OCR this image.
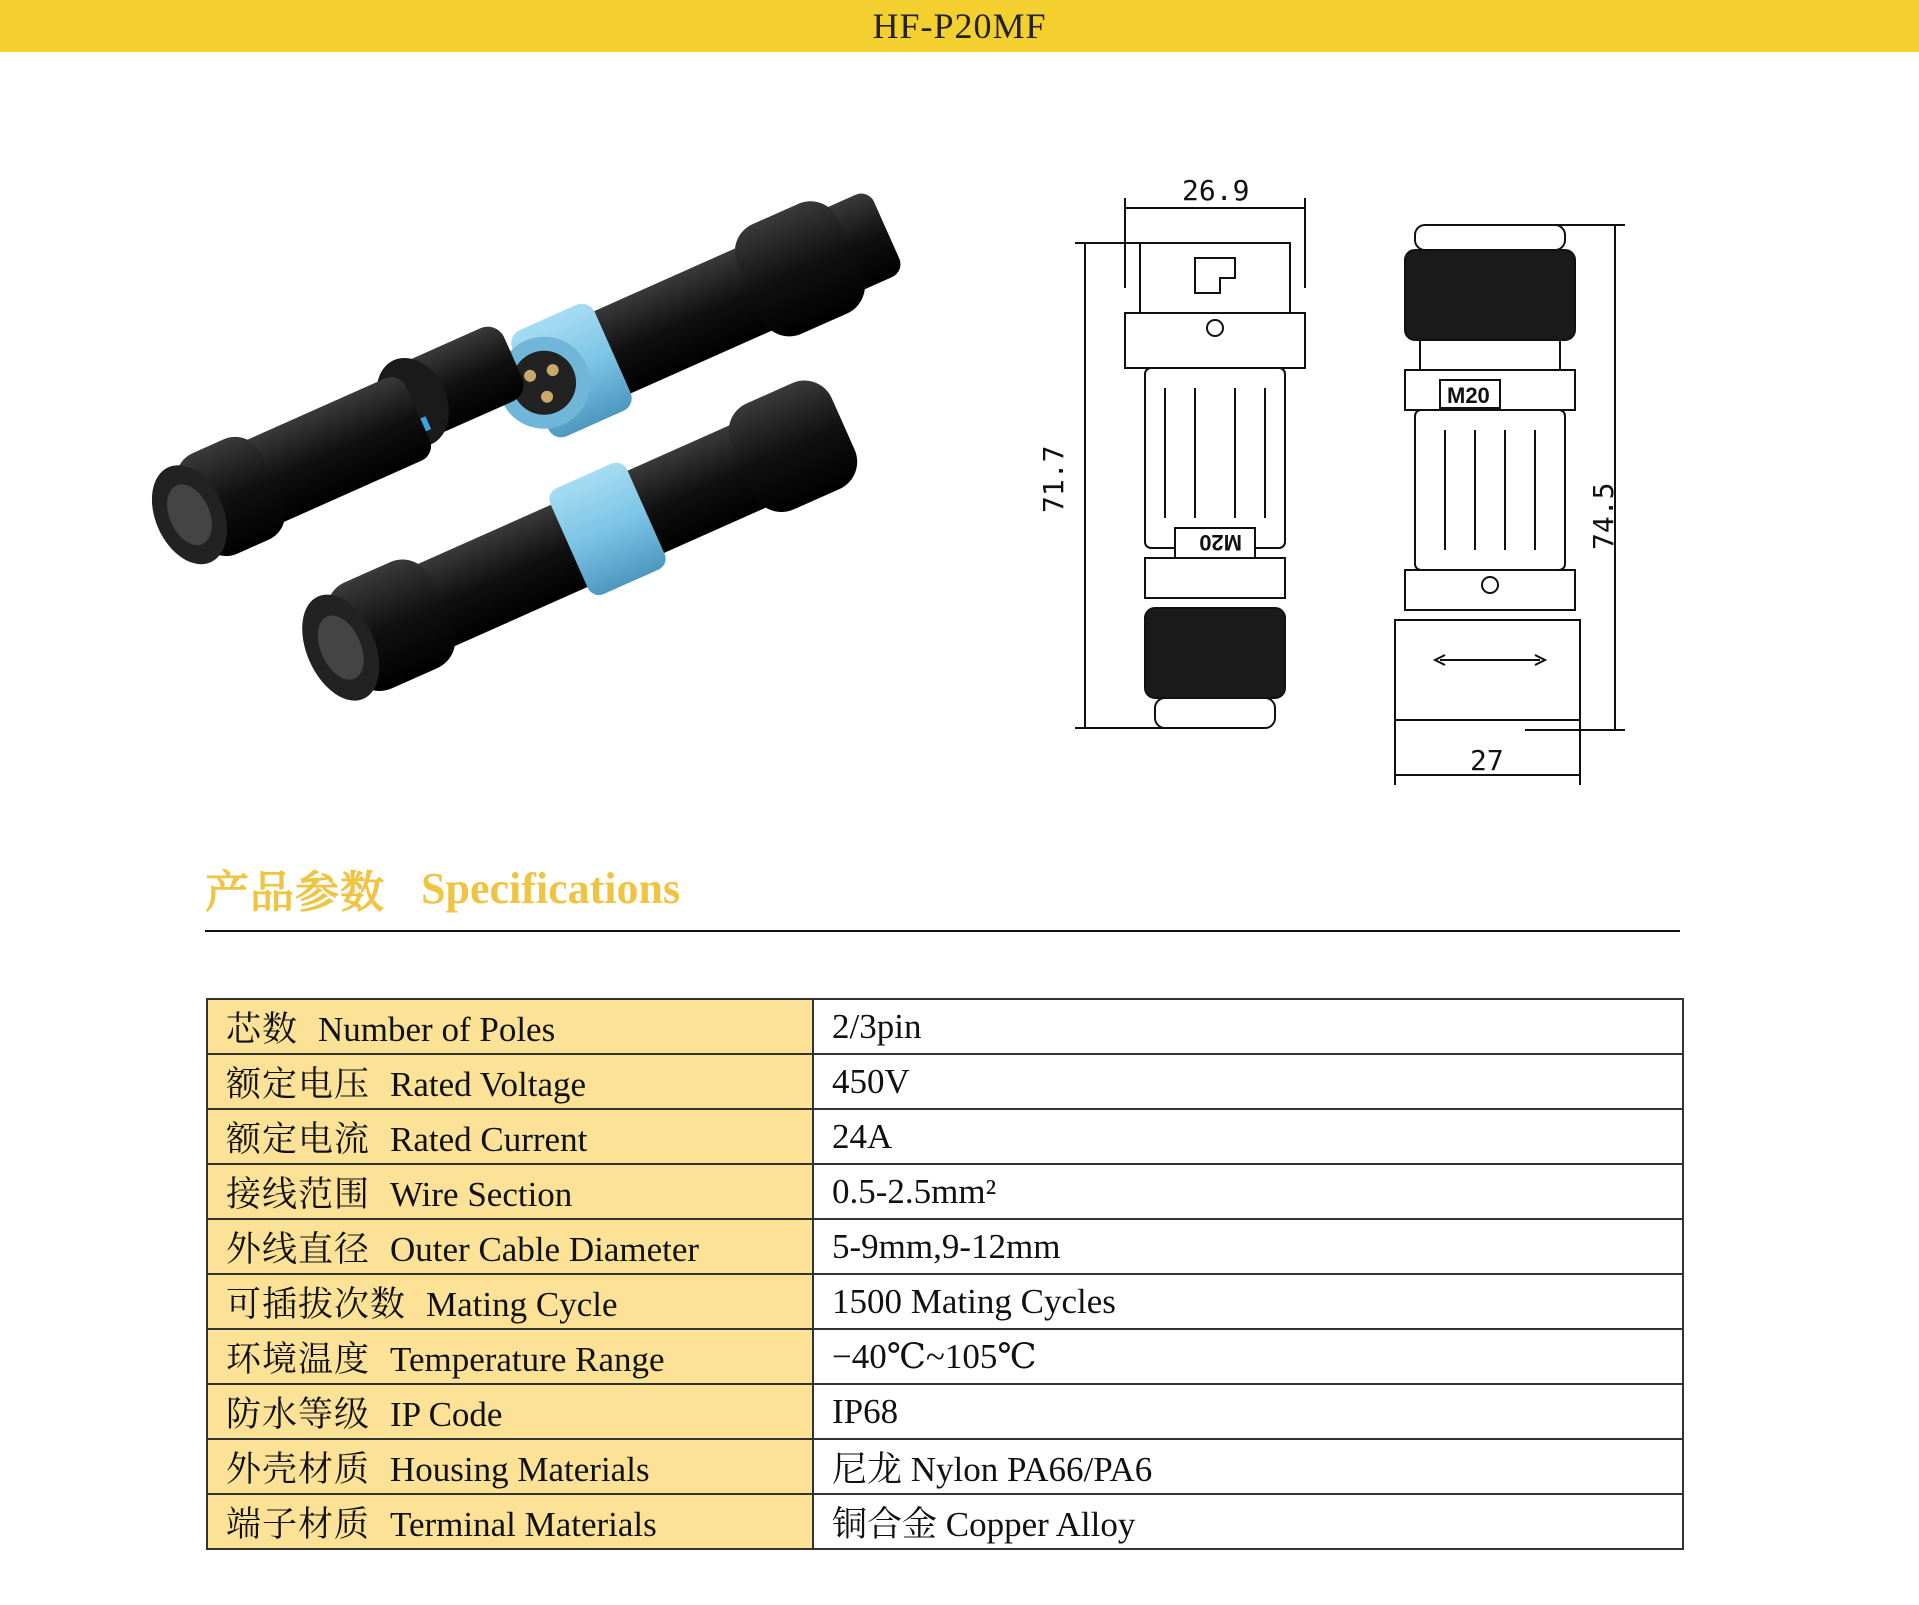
HF-P20MF
26.9
71.7
M20
M20
74.5
27
产品参数 Specifications
芯数 Number of Poles	2/3pin
额定电压 Rated Voltage	450V
额定电流 Rated Current	24A
接线范围 Wire Section	0.5-2.5mm²
外线直径 Outer Cable Diameter	5-9mm,9-12mm
可插拔次数 Mating Cycle	1500 Mating Cycles
环境温度 Temperature Range	−40℃~105℃
防水等级 IP Code	IP68
外壳材质 Housing Materials	尼龙 Nylon PA66/PA6
端子材质 Terminal Materials	铜合金 Copper Alloy
